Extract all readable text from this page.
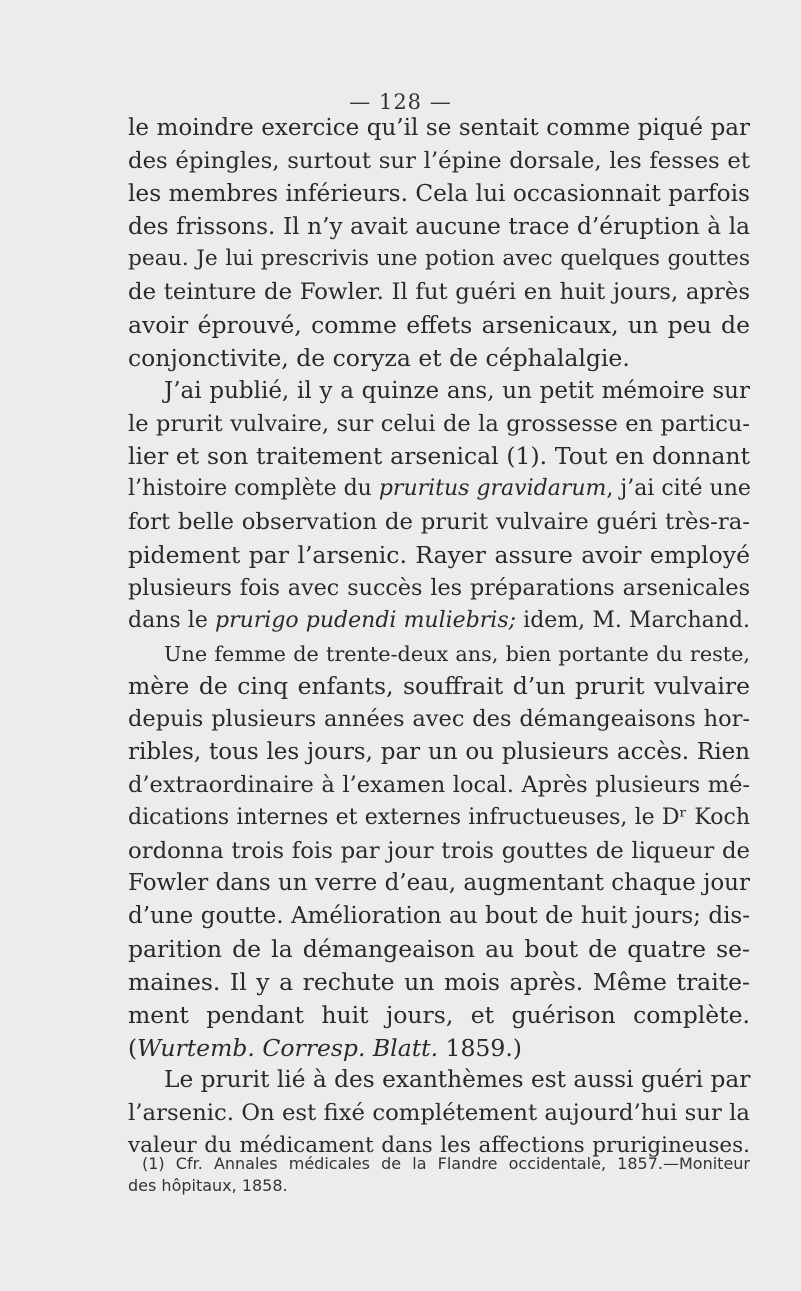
— 128 —
le moindre exercice qu’il se sentait comme piqué par
des épingles, surtout sur l’épine dorsale, les fesses et
les membres inférieurs. Cela lui occasionnait parfois
des frissons. Il n’y avait aucune trace d’éruption à la
peau. Je lui prescrivis une potion avec quelques gouttes
de teinture de Fowler. Il fut guéri en huit jours, après
avoir éprouvé, comme effets arsenicaux, un peu de
conjonctivite, de coryza et de céphalalgie.
J’ai publié, il y a quinze ans, un petit mémoire sur
le prurit vulvaire, sur celui de la grossesse en particu-
lier et son traitement arsenical (1). Tout en donnant
l’histoire complète du pruritus gravidarum, j’ai cité une
fort belle observation de prurit vulvaire guéri très-ra-
pidement par l’arsenic. Rayer assure avoir employé
plusieurs fois avec succès les préparations arsenicales
dans le prurigo pudendi muliebris; idem, M. Marchand.
Une femme de trente-deux ans, bien portante du reste,
mère de cinq enfants, souffrait d’un prurit vulvaire
depuis plusieurs années avec des démangeaisons hor-
ribles, tous les jours, par un ou plusieurs accès. Rien
d’extraordinaire à l’examen local. Après plusieurs mé-
dications internes et externes infructueuses, le Dʳ Koch
ordonna trois fois par jour trois gouttes de liqueur de
Fowler dans un verre d’eau, augmentant chaque jour
d’une goutte. Amélioration au bout de huit jours; dis-
parition de la démangeaison au bout de quatre se-
maines. Il y a rechute un mois après. Même traite-
ment pendant huit jours, et guérison complète.
(Wurtemb. Corresp. Blatt. 1859.)
Le prurit lié à des exanthèmes est aussi guéri par
l’arsenic. On est fixé complétement aujourd’hui sur la
valeur du médicament dans les affections prurigineuses.
(1) Cfr. Annales médicales de la Flandre occidentale, 1857.—Moniteur
des hôpitaux, 1858.
